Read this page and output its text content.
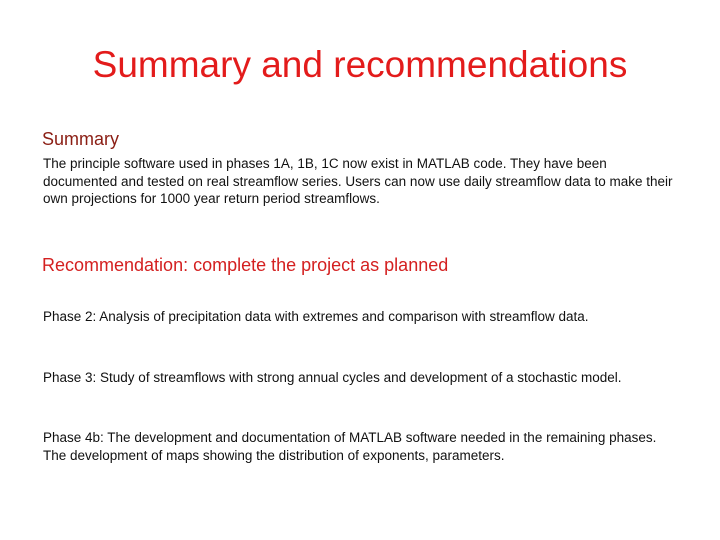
Summary and recommendations
Summary
The principle software used in phases 1A, 1B, 1C now exist in MATLAB code. They have been documented and tested on real streamflow series. Users can now use daily streamflow data to make their own projections for 1000 year return period streamflows.
Recommendation: complete the project as planned
Phase 2: Analysis of precipitation data with extremes and comparison with streamflow data.
Phase 3: Study of streamflows with strong annual cycles and development of a stochastic model.
Phase 4b: The development and documentation of MATLAB software needed in the remaining phases. The development of maps showing the distribution of exponents, parameters.
